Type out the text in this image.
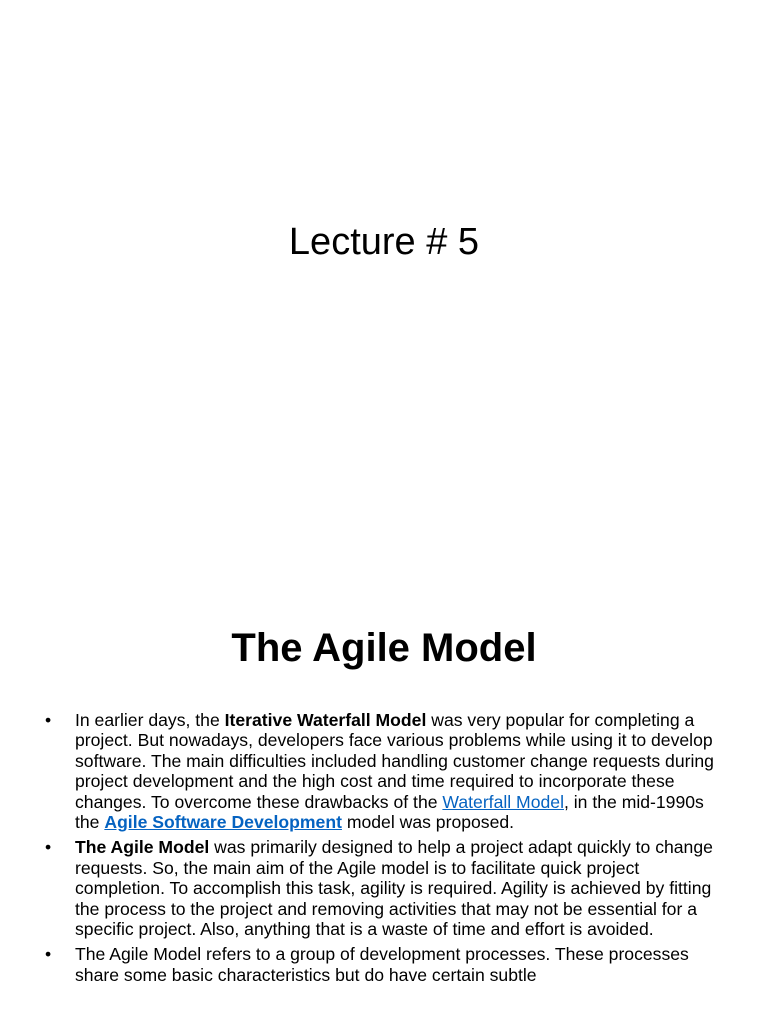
Lecture # 5
The Agile Model
•	In earlier days, the Iterative Waterfall Model was very popular for completing a project. But nowadays, developers face various problems while using it to develop software. The main difficulties included handling customer change requests during project development and the high cost and time required to incorporate these changes. To overcome these drawbacks of the Waterfall Model, in the mid-1990s the Agile Software Development model was proposed.
•	The Agile Model was primarily designed to help a project adapt quickly to change requests. So, the main aim of the Agile model is to facilitate quick project completion. To accomplish this task, agility is required. Agility is achieved by fitting the process to the project and removing activities that may not be essential for a specific project. Also, anything that is a waste of time and effort is avoided.
•	The Agile Model refers to a group of development processes. These processes share some basic characteristics but do have certain subtle
